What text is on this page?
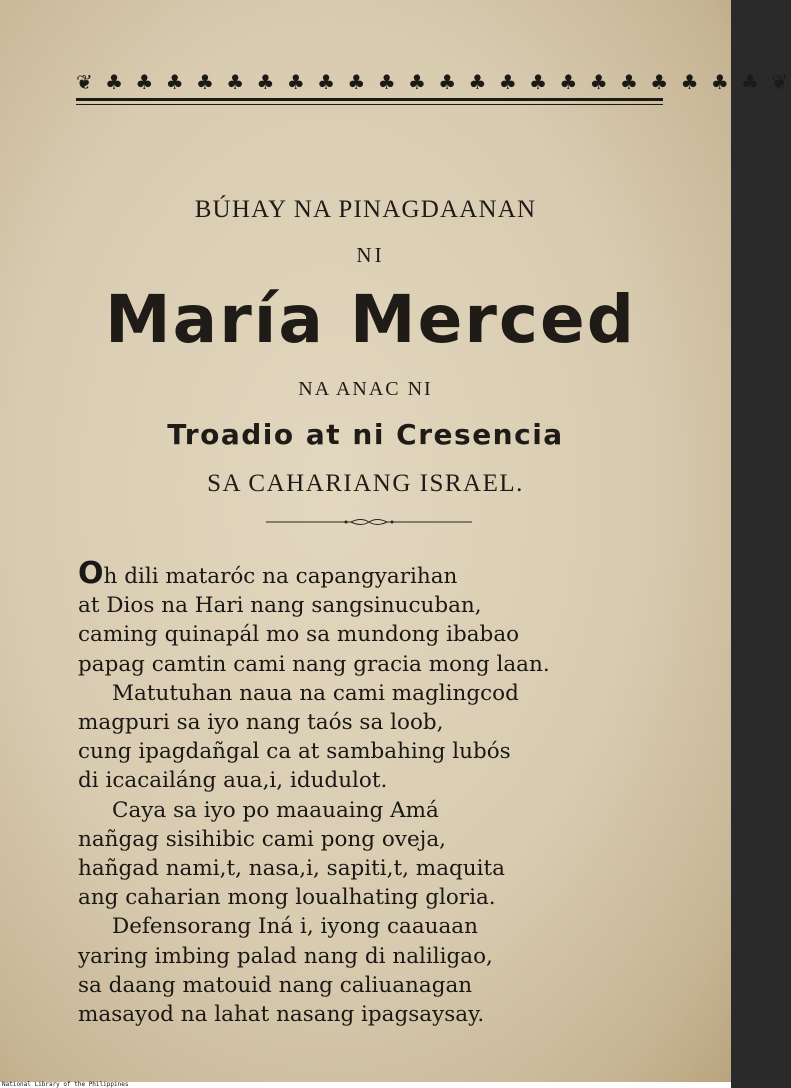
❦ ♣ ♣ ♣ ♣ ♣ ♣ ♣ ♣ ♣ ♣ ♣ ♣ ♣ ♣ ♣ ♣ ♣ ♣ ♣ ♣ ♣ ♣ ❦
BÚHAY NA PINAGDAANAN
NI
María Merced
NA ANAC NI
Troadio at ni Cresencia
SA CAHARIANG ISRAEL.
Oh dili mataróc na capangyarihan
at Dios na Hari nang sangsinucuban,
caming quinapál mo sa mundong ibabao
papag camtin cami nang gracia mong laan.
Matutuhan naua na cami maglingcod
magpuri sa iyo nang taós sa loob,
cung ipagdañgal ca at sambahing lubós
di icacailáng aua,i, idudulot.
Caya sa iyo po maauaing Amá
nañgag sisihibic cami pong oveja,
hañgad nami,t, nasa,i, sapiti,t, maquita
ang caharian mong loualhating gloria.
Defensorang Iná i, iyong caauaan
yaring imbing palad nang di naliligao,
sa daang matouid nang caliuanagan
masayod na lahat nasang ipagsaysay.
National Library of the Philippines
